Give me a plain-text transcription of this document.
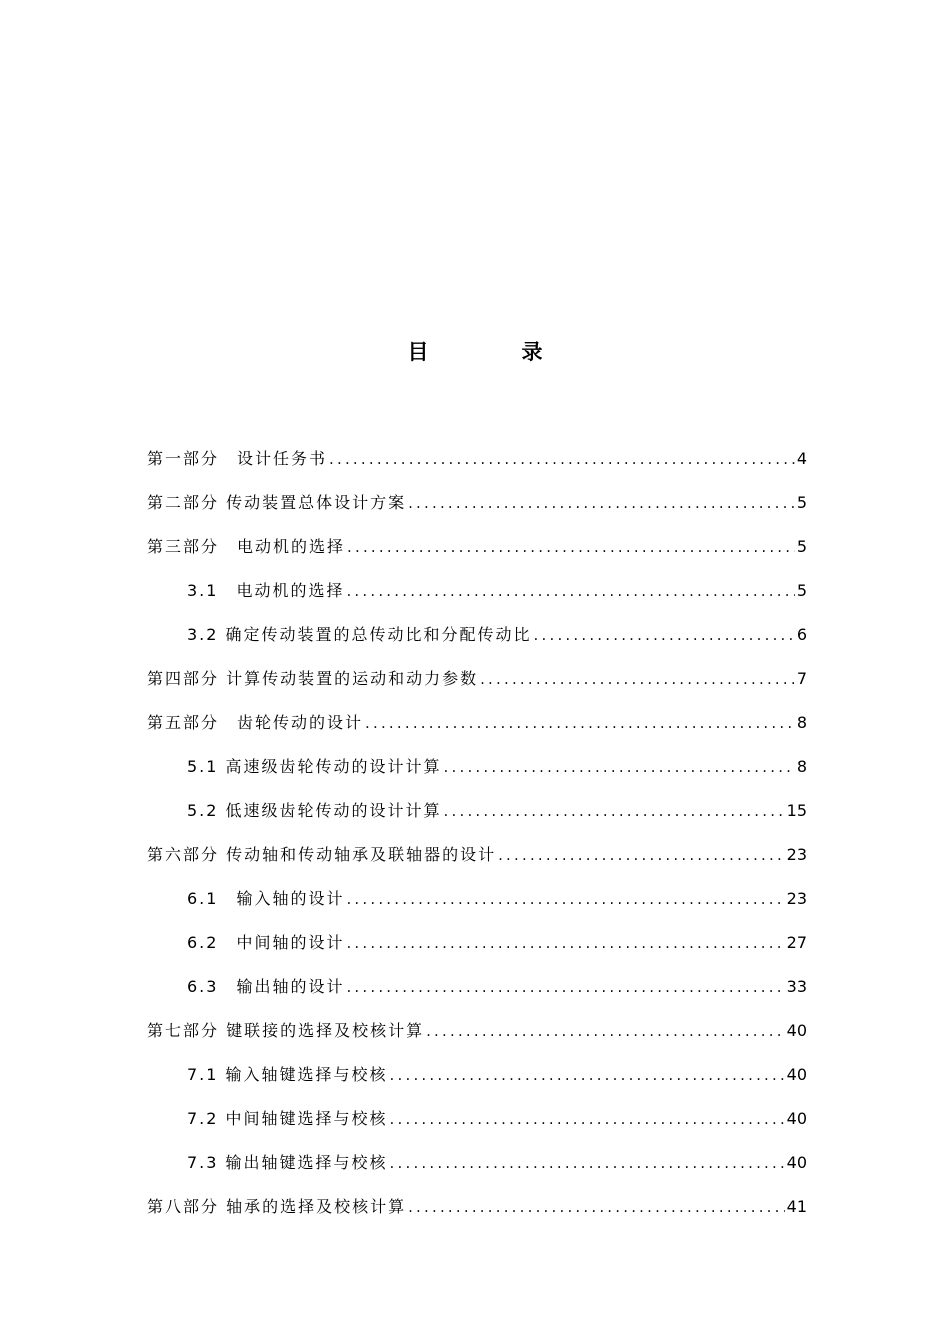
目　录
第一部分　设计任务书 .....	4
第二部分 传动装置总体设计方案 .....	5
第三部分　电动机的选择 .....	5
3.1　电动机的选择 .....	5
3.2 确定传动装置的总传动比和分配传动比 .....	6
第四部分 计算传动装置的运动和动力参数 .....	7
第五部分　齿轮传动的设计 .....	8
5.1 高速级齿轮传动的设计计算 .....	8
5.2 低速级齿轮传动的设计计算 .....	15
第六部分 传动轴和传动轴承及联轴器的设计 .....	23
6.1　输入轴的设计 .....	23
6.2　中间轴的设计 .....	27
6.3　输出轴的设计 .....	33
第七部分 键联接的选择及校核计算 .....	40
7.1 输入轴键选择与校核 .....	40
7.2 中间轴键选择与校核 .....	40
7.3 输出轴键选择与校核 .....	40
第八部分 轴承的选择及校核计算 .....	41
